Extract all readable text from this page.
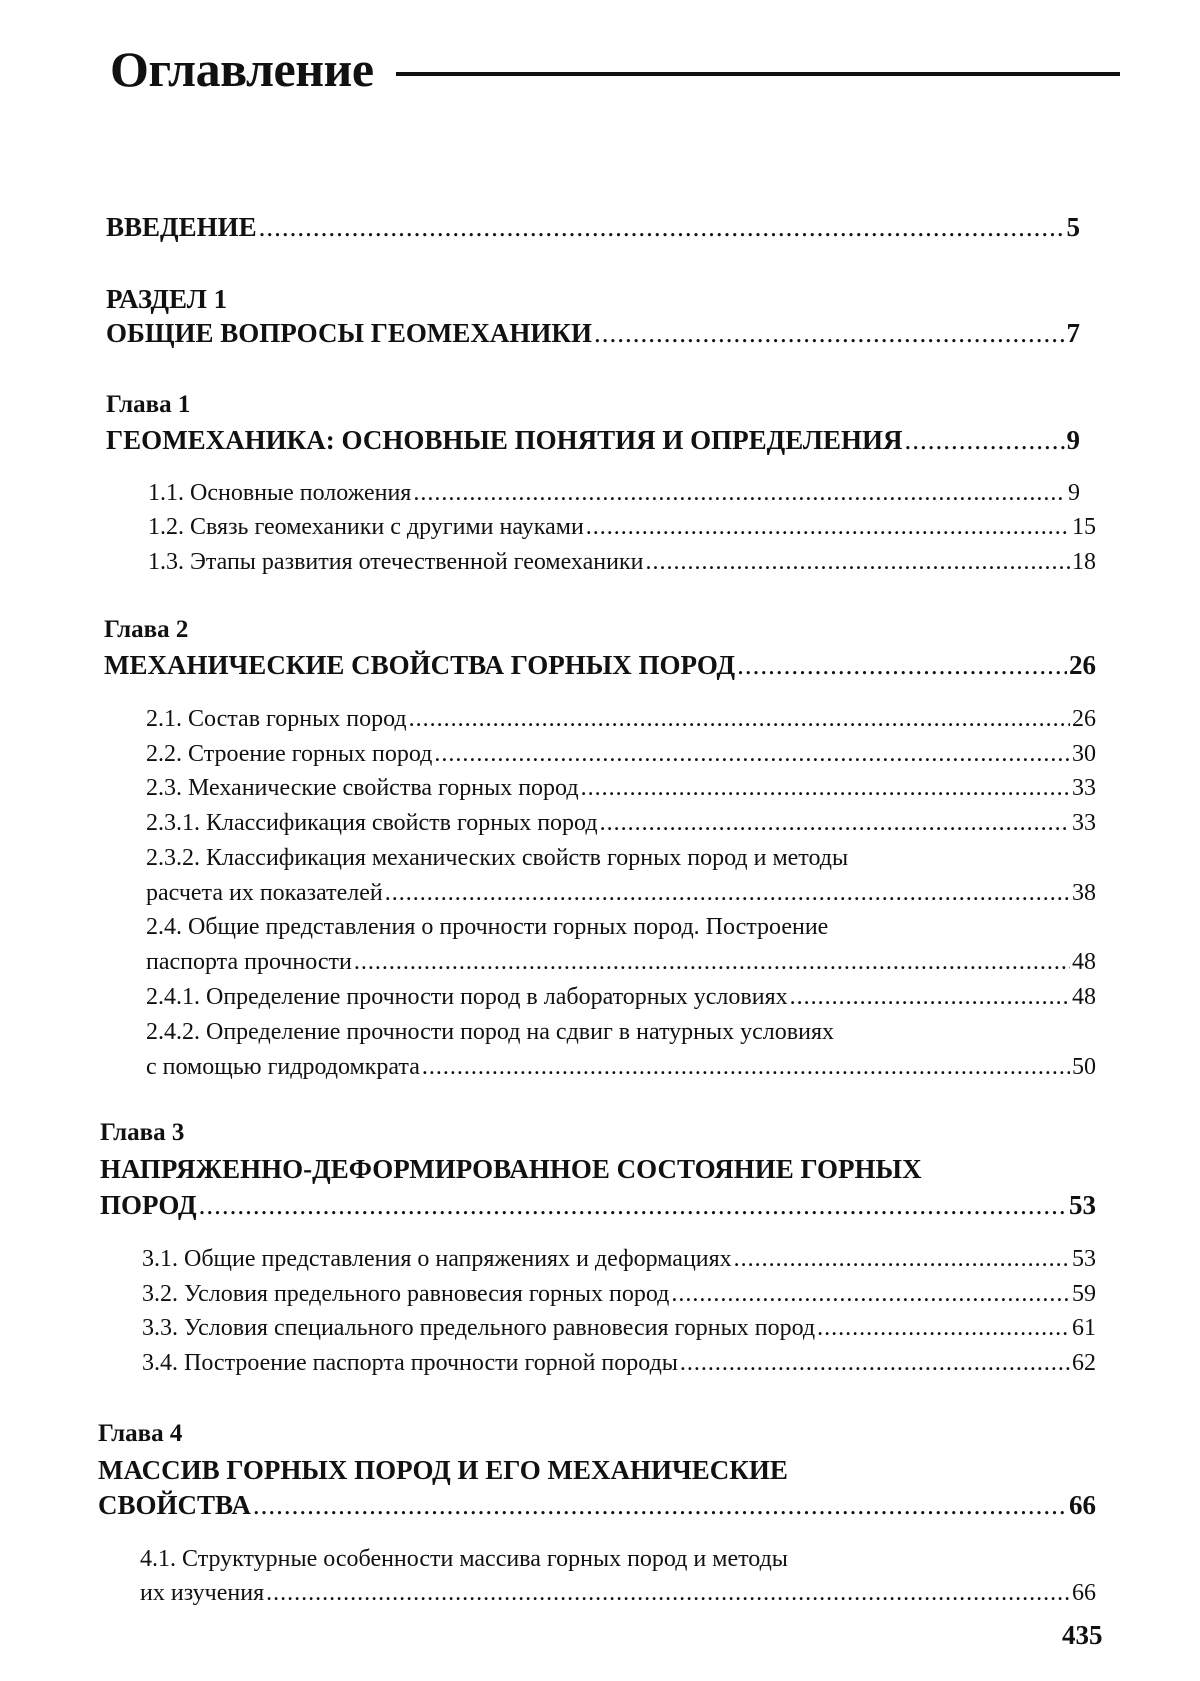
Оглавление
ВВЕДЕНИЕ
.....	5
РАЗДЕЛ 1
ОБЩИЕ ВОПРОСЫ ГЕОМЕХАНИКИ
.....	7
Глава 1
ГЕОМЕХАНИКА: ОСНОВНЫЕ ПОНЯТИЯ И ОПРЕДЕЛЕНИЯ
.....	9
1.1. Основные положения
.....	9
1.2. Связь геомеханики с другими науками
.....	15
1.3. Этапы развития отечественной геомеханики
.....	18
Глава 2
МЕХАНИЧЕСКИЕ СВОЙСТВА ГОРНЫХ ПОРОД
.....	26
2.1. Состав горных пород
.....	26
2.2. Строение горных пород
.....	30
2.3. Механические свойства горных пород
.....	33
2.3.1. Классификация свойств горных пород
.....	33
2.3.2. Классификация механических свойств горных пород и методы
расчета их показателей
.....	38
2.4. Общие представления о прочности горных пород. Построение
паспорта прочности
.....	48
2.4.1. Определение прочности пород в лабораторных условиях
.....	48
2.4.2. Определение прочности пород на сдвиг в натурных условиях
с помощью гидродомкрата
.....	50
Глава 3
НАПРЯЖЕННО-ДЕФОРМИРОВАННОЕ СОСТОЯНИЕ ГОРНЫХ
ПОРОД
.....	53
3.1. Общие представления о напряжениях и деформациях
.....	53
3.2. Условия предельного равновесия горных пород
.....	59
3.3. Условия специального предельного равновесия горных пород
.....	61
3.4. Построение паспорта прочности горной породы
.....	62
Глава 4
МАССИВ ГОРНЫХ ПОРОД И ЕГО МЕХАНИЧЕСКИЕ
СВОЙСТВА
.....	66
4.1. Структурные особенности массива горных пород и методы
их изучения
.....	66
435
